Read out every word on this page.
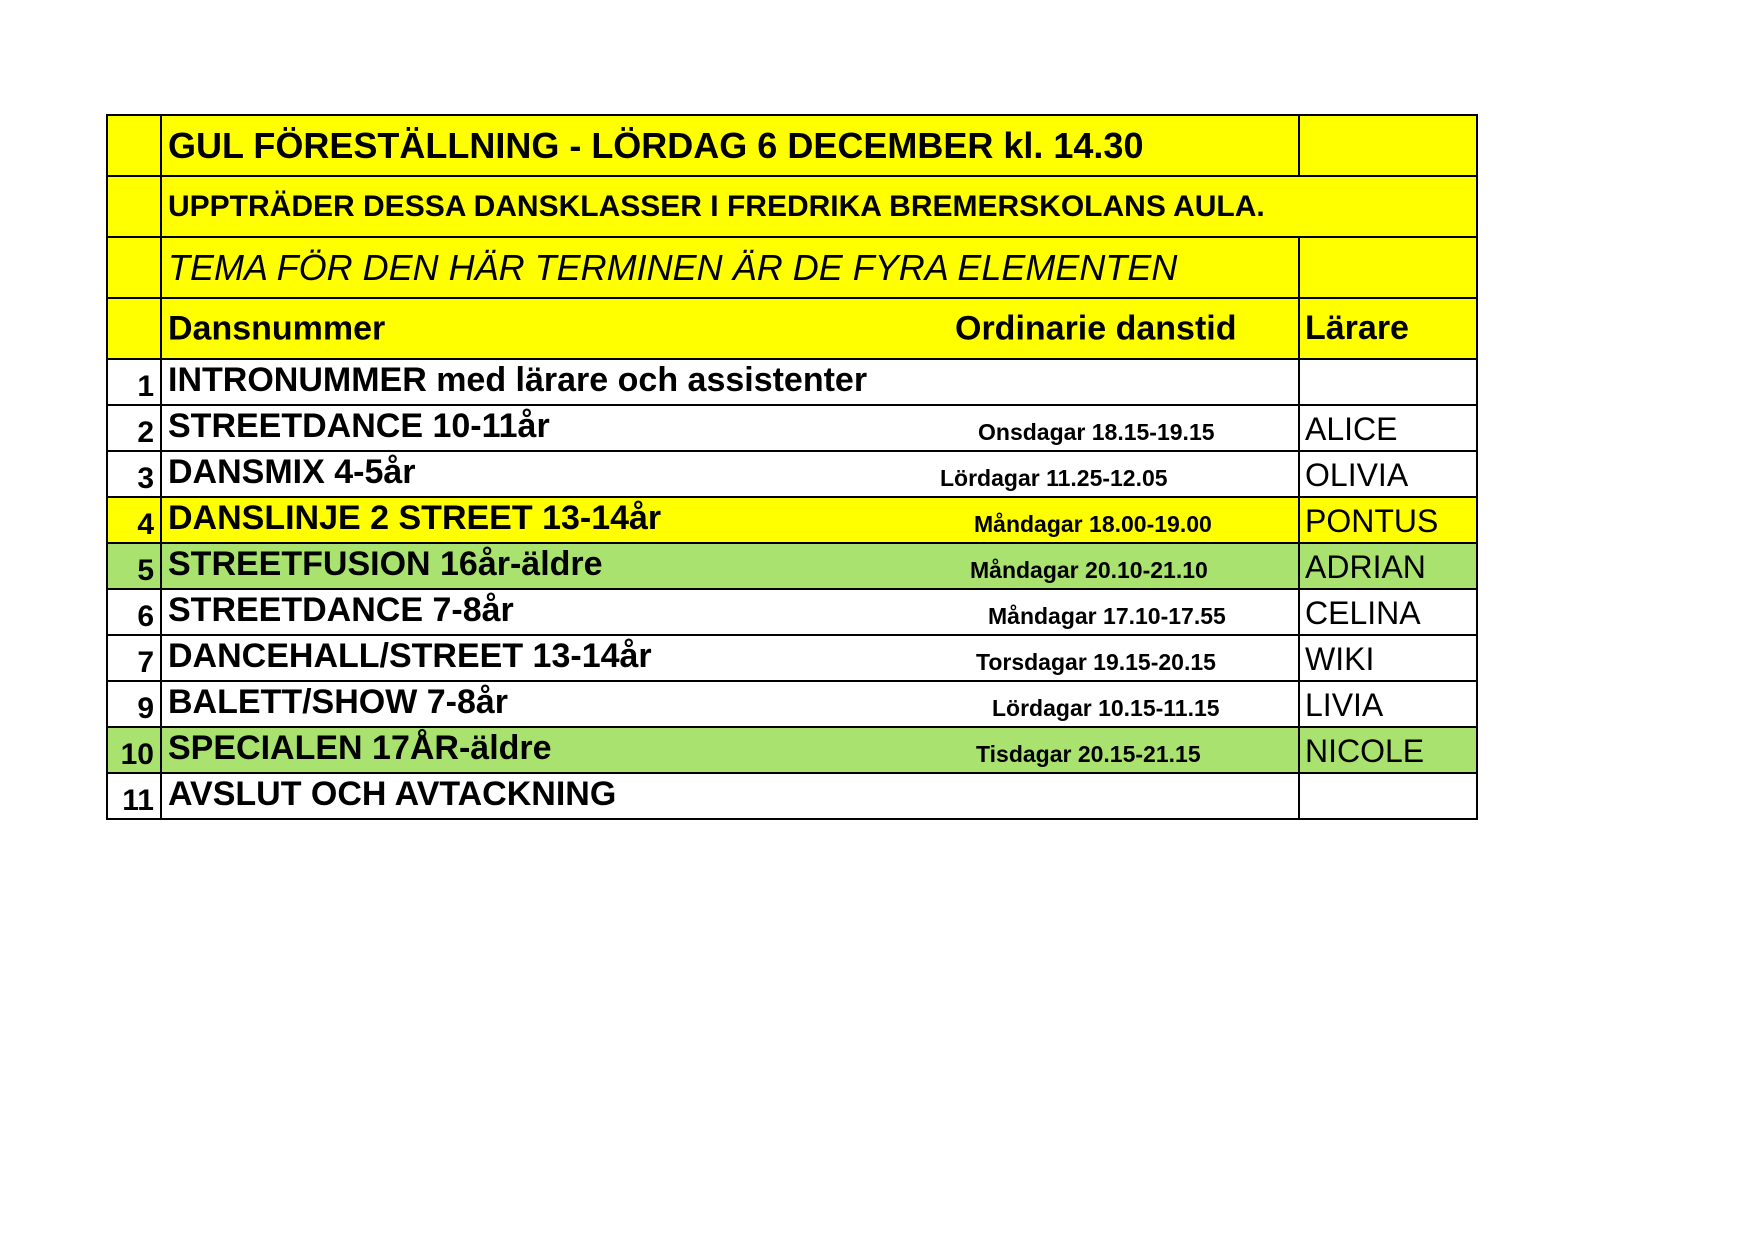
	GUL FÖRESTÄLLNING - LÖRDAG 6 DECEMBER kl. 14.30	
	UPPTRÄDER DESSA DANSKLASSER I FREDRIKA BREMERSKOLANS AULA.	
	TEMA FÖR DEN HÄR TERMINEN ÄR DE FYRA ELEMENTEN	

	Dansnummer Ordinarie danstid	Lärare
1	INTRONUMMER med lärare och assistenter	

2	STREETDANCE 10-11år Onsdagar 18.15-19.15	ALICE
3	DANSMIX 4-5år Lördagar 11.25-12.05	OLIVIA
4	DANSLINJE 2 STREET 13-14år Måndagar 18.00-19.00	PONTUS
5	STREETFUSION 16år-äldre Måndagar 20.10-21.10	ADRIAN
6	STREETDANCE 7-8år Måndagar 17.10-17.55	CELINA
7	DANCEHALL/STREET 13-14år Torsdagar 19.15-20.15	WIKI
9	BALETT/SHOW 7-8år Lördagar 10.15-11.15	LIVIA
10	SPECIALEN 17ÅR-äldre Tisdagar 20.15-21.15	NICOLE
11	AVSLUT OCH AVTACKNING	
